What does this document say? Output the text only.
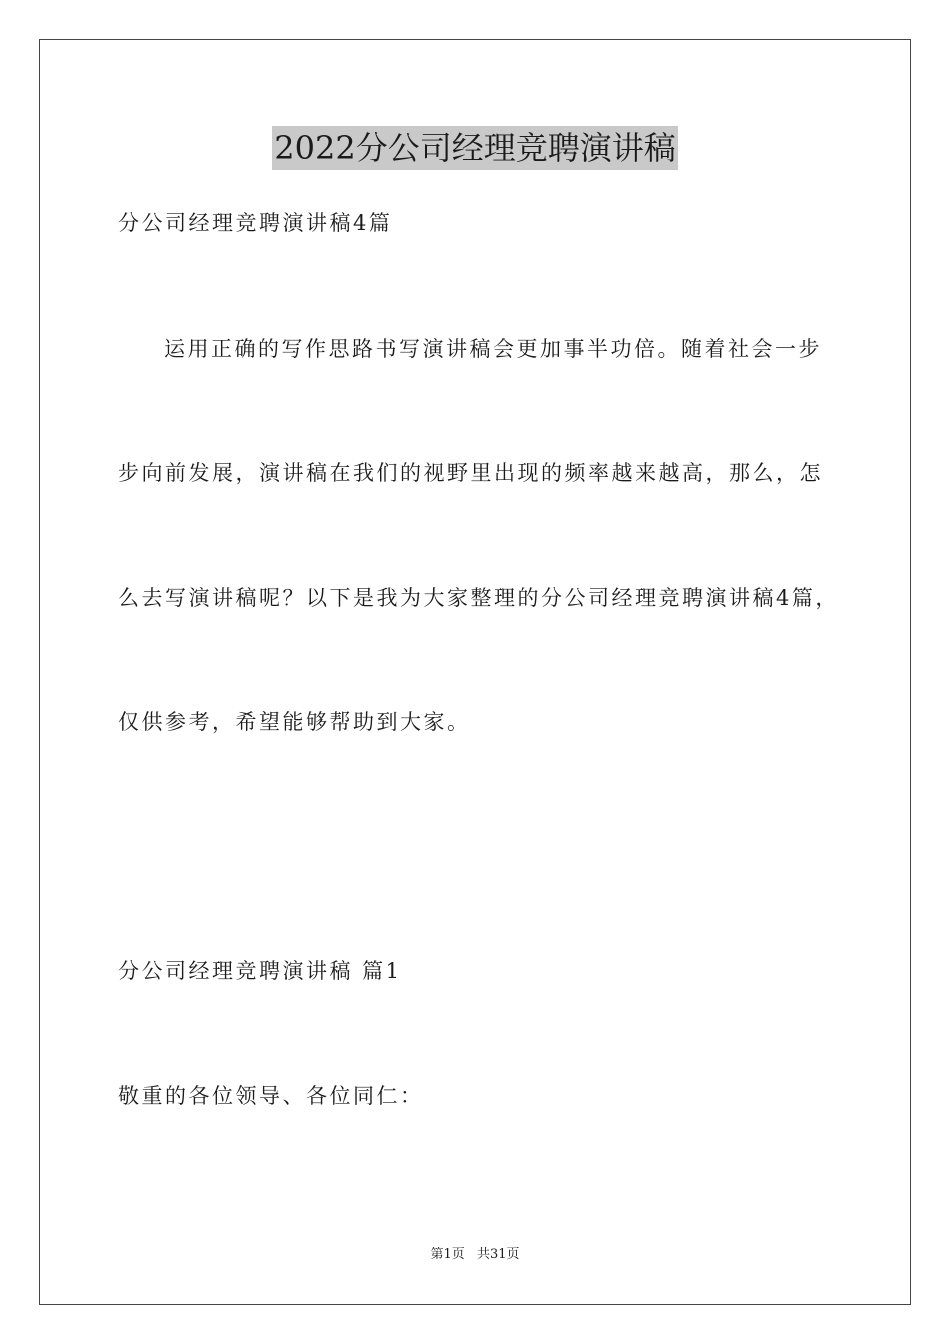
2022分公司经理竞聘演讲稿
分公司经理竞聘演讲稿4篇
运用正确的写作思路书写演讲稿会更加事半功倍。随着社会一步
步向前发展，演讲稿在我们的视野里出现的频率越来越高，那么，怎
么去写演讲稿呢？以下是我为大家整理的分公司经理竞聘演讲稿4篇，
仅供参考，希望能够帮助到大家。
分公司经理竞聘演讲稿 篇1
敬重的各位领导、各位同仁：
第1页 共31页
